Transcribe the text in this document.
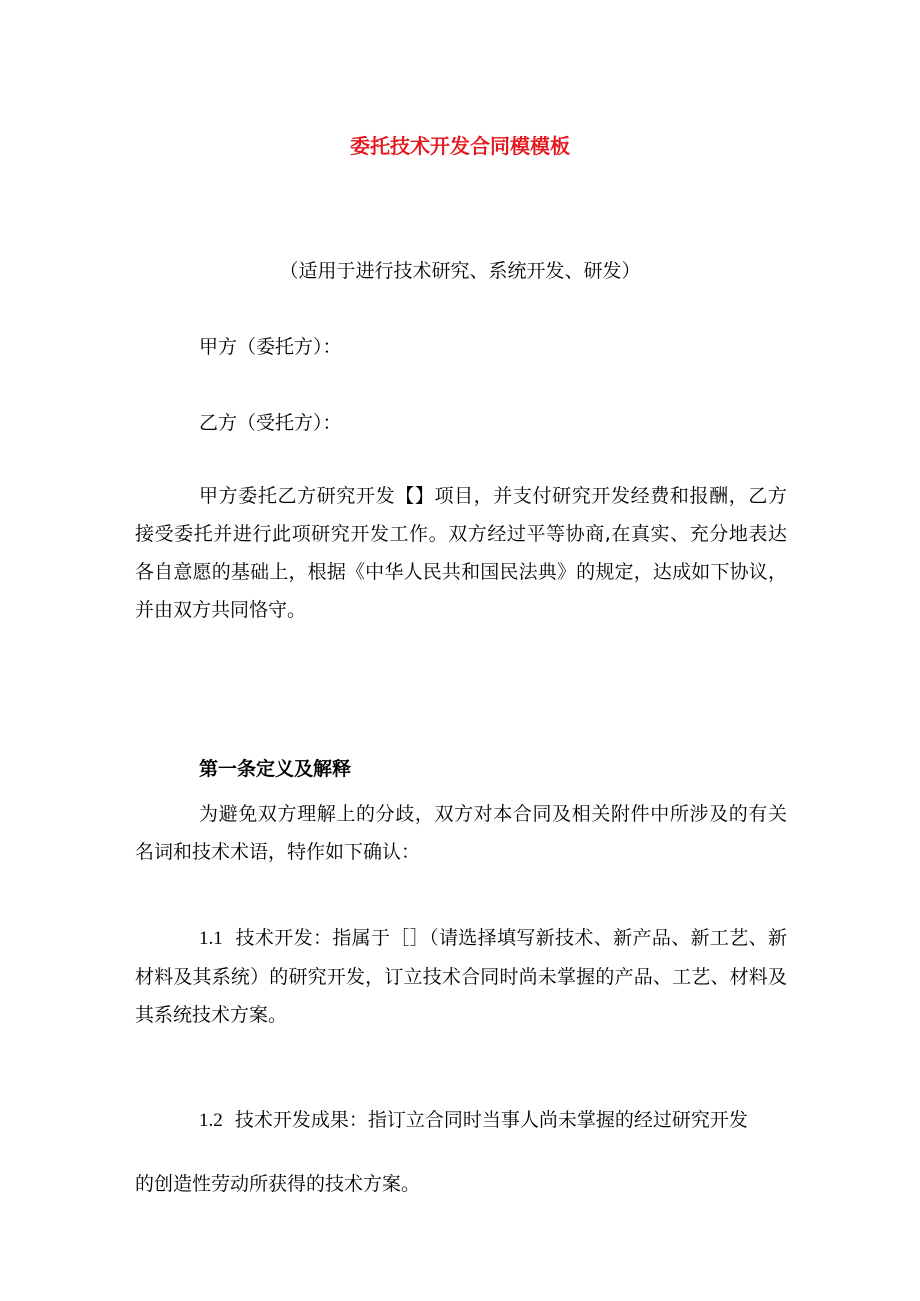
委托技术开发合同模模板
（适用于进行技术研究、系统开发、研发）
甲方（委托方）：
乙方（受托方）：
甲方委托乙方研究开发【】项目，并支付研究开发经费和报酬，乙方接受委托并进行此项研究开发工作。双方经过平等协商,在真实、充分地表达各自意愿的基础上，根据《中华人民共和国民法典》的规定，达成如下协议，并由双方共同恪守。
第一条定义及解释
为避免双方理解上的分歧，双方对本合同及相关附件中所涉及的有关名词和技术术语，特作如下确认：
1.1 技术开发：指属于［］（请选择填写新技术、新产品、新工艺、新材料及其系统）的研究开发，订立技术合同时尚未掌握的产品、工艺、材料及其系统技术方案。
1.2 技术开发成果：指订立合同时当事人尚未掌握的经过研究开发
的创造性劳动所获得的技术方案。
